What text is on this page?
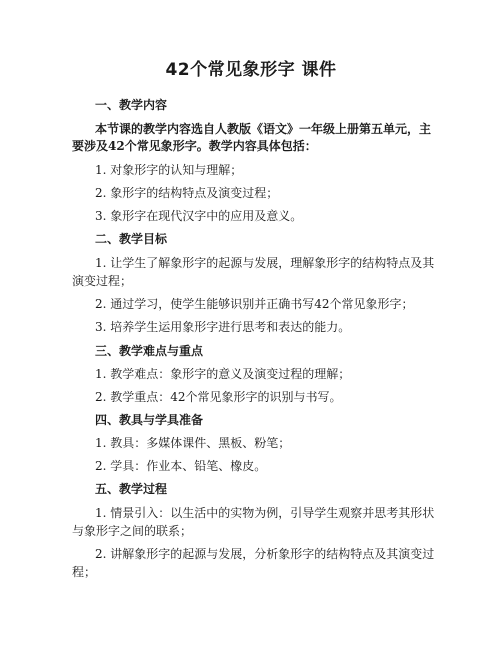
42个常见象形字 课件
一、教学内容
本节课的教学内容选自人教版《语文》一年级上册第五单元，主
要涉及42个常见象形字。教学内容具体包括：
1. 对象形字的认知与理解；
2. 象形字的结构特点及演变过程；
3. 象形字在现代汉字中的应用及意义。
二、教学目标
1. 让学生了解象形字的起源与发展，理解象形字的结构特点及其
演变过程；
2. 通过学习，使学生能够识别并正确书写42个常见象形字；
3. 培养学生运用象形字进行思考和表达的能力。
三、教学难点与重点
1. 教学难点：象形字的意义及演变过程的理解；
2. 教学重点：42个常见象形字的识别与书写。
四、教具与学具准备
1. 教具：多媒体课件、黑板、粉笔；
2. 学具：作业本、铅笔、橡皮。
五、教学过程
1. 情景引入：以生活中的实物为例，引导学生观察并思考其形状
与象形字之间的联系；
2. 讲解象形字的起源与发展，分析象形字的结构特点及其演变过
程；
